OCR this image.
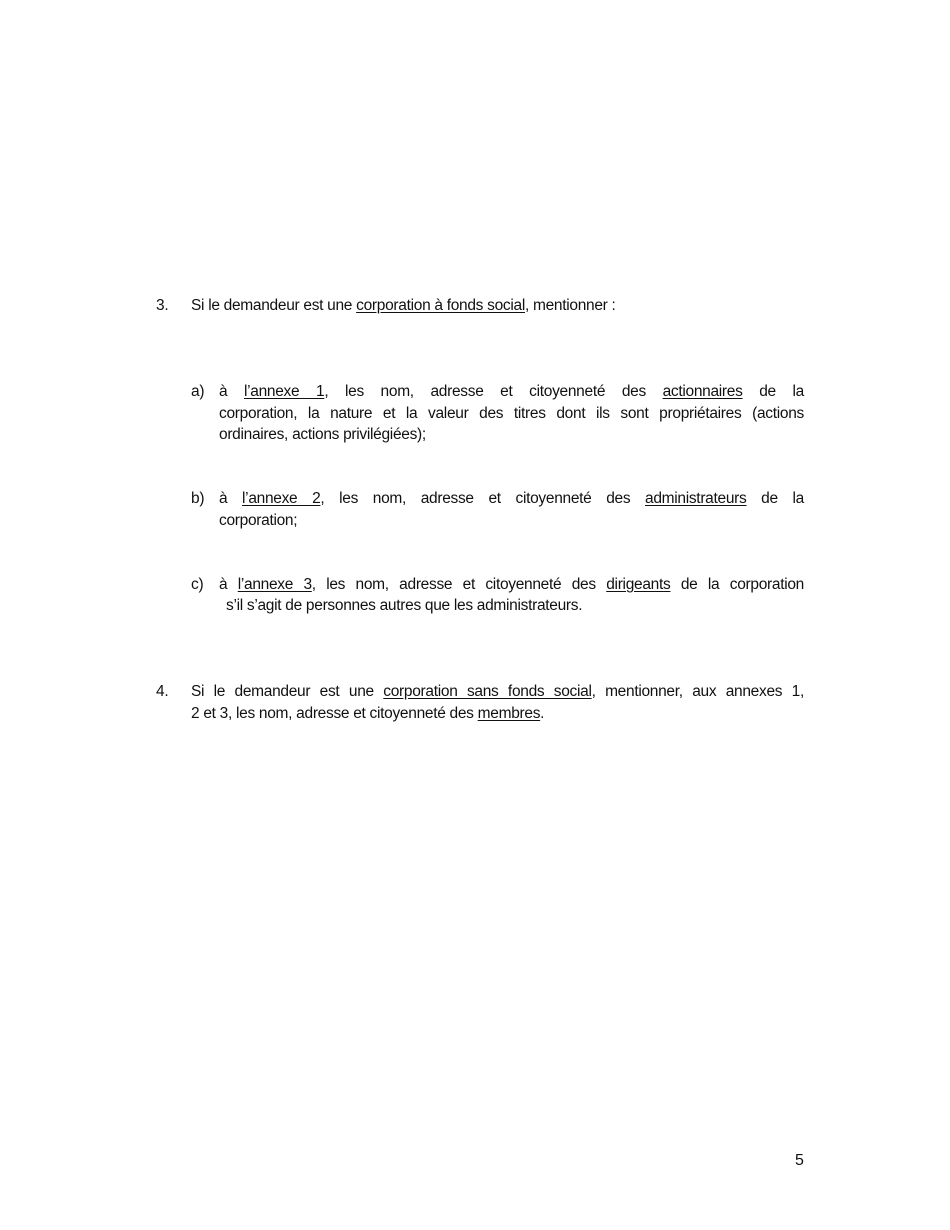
3. Si le demandeur est une corporation à fonds social, mentionner :
a) à l’annexe 1, les nom, adresse et citoyenneté des actionnaires de la
corporation, la nature et la valeur des titres dont ils sont propriétaires (actions
ordinaires, actions privilégiées);
b) à l’annexe 2, les nom, adresse et citoyenneté des administrateurs de la
corporation;
c) à l’annexe 3, les nom, adresse et citoyenneté des dirigeants de la corporation
s’il s’agit de personnes autres que les administrateurs.
4. Si le demandeur est une corporation sans fonds social, mentionner, aux annexes 1,
2 et 3, les nom, adresse et citoyenneté des membres.
5
